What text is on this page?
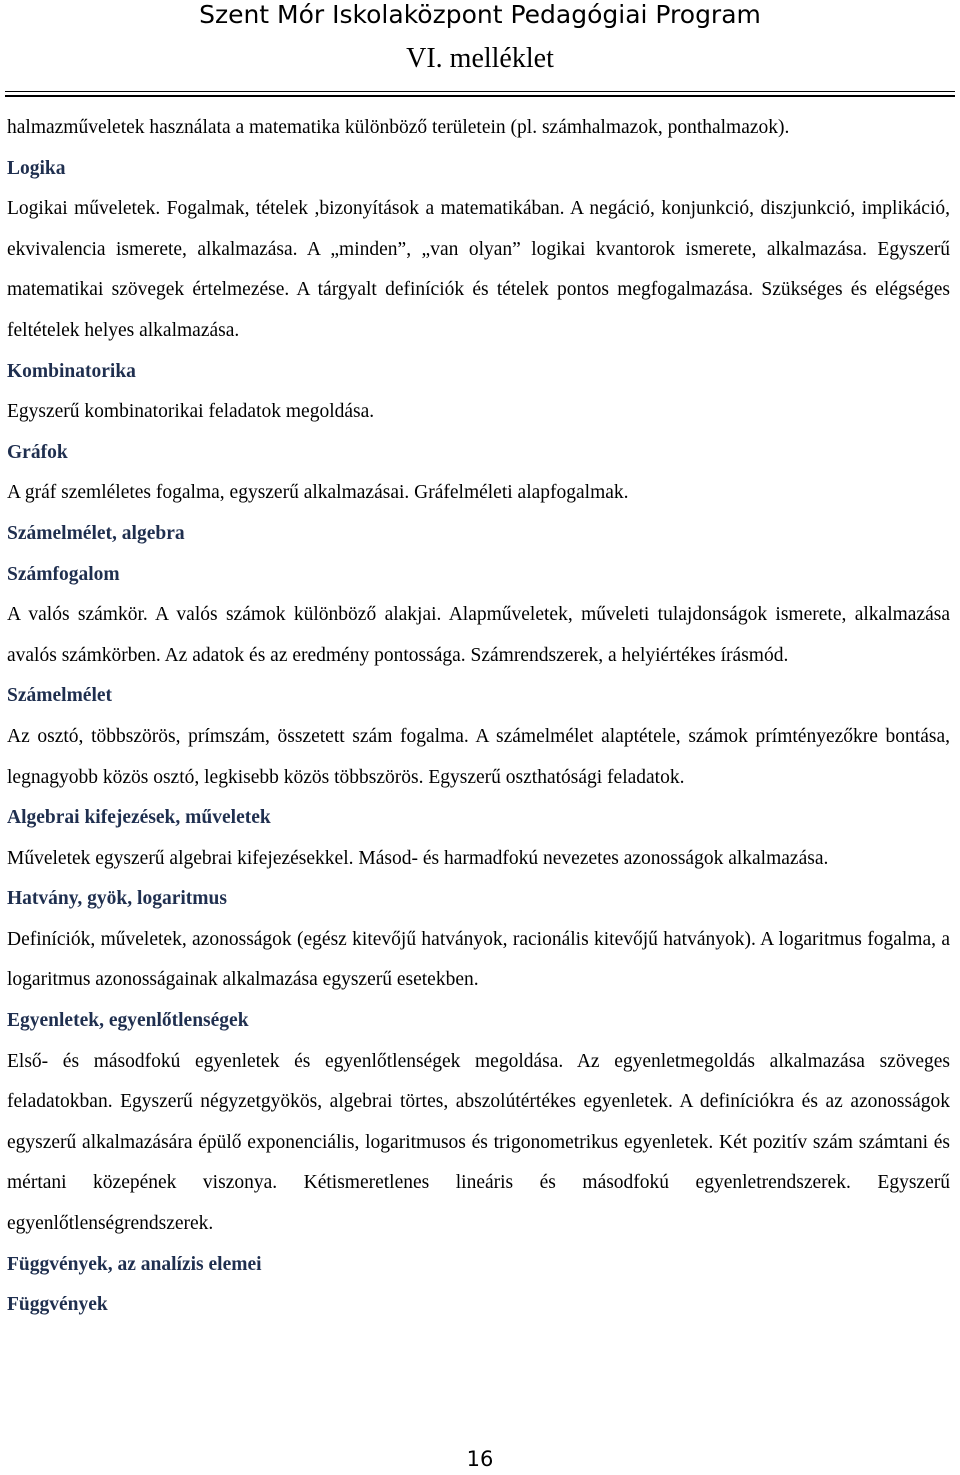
Szent Mór Iskolaközpont Pedagógiai Program
VI. melléklet

halmazműveletek használata a matematika különböző területein (pl. számhalmazok, ponthalmazok).

Logika

Logikai műveletek. Fogalmak, tételek ,bizonyítások a matematikában. A negáció, konjunkció, diszjunkció, implikáció, ekvivalencia ismerete, alkalmazása. A „minden”, „van olyan” logikai kvantorok ismerete, alkalmazása. Egyszerű matematikai szövegek értelmezése. A tárgyalt definíciók és tételek pontos megfogalmazása. Szükséges és elégséges feltételek helyes alkalmazása.

Kombinatorika

Egyszerű kombinatorikai feladatok megoldása.

Gráfok

A gráf szemléletes fogalma, egyszerű alkalmazásai. Gráfelméleti alapfogalmak.

Számelmélet, algebra

Számfogalom

A valós számkör. A valós számok különböző alakjai. Alapműveletek, műveleti tulajdonságok ismerete, alkalmazása avalós számkörben. Az adatok és az eredmény pontossága. Számrendszerek, a helyiértékes írásmód.

Számelmélet

Az osztó, többszörös, prímszám, összetett szám fogalma. A számelmélet alaptétele, számok prímtényezőkre bontása, legnagyobb közös osztó, legkisebb közös többszörös. Egyszerű oszthatósági feladatok.

Algebrai kifejezések, műveletek

Műveletek egyszerű algebrai kifejezésekkel. Másod- és harmadfokú nevezetes azonosságok alkalmazása.

Hatvány, gyök, logaritmus

Definíciók, műveletek, azonosságok (egész kitevőjű hatványok, racionális kitevőjű hatványok). A logaritmus fogalma, a logaritmus azonosságainak alkalmazása egyszerű esetekben.

Egyenletek, egyenlőtlenségek

Első- és másodfokú egyenletek és egyenlőtlenségek megoldása. Az egyenletmegoldás alkalmazása szöveges feladatokban. Egyszerű négyzetgyökös, algebrai törtes, abszolútértékes egyenletek. A definíciókra és az azonosságok egyszerű alkalmazására épülő exponenciális, logaritmusos és trigonometrikus egyenletek. Két pozitív szám számtani és mértani közepének viszonya. Kétismeretlenes lineáris és másodfokú egyenletrendszerek. Egyszerű egyenlőtlenségrendszerek.

Függvények, az analízis elemei

Függvények

16
